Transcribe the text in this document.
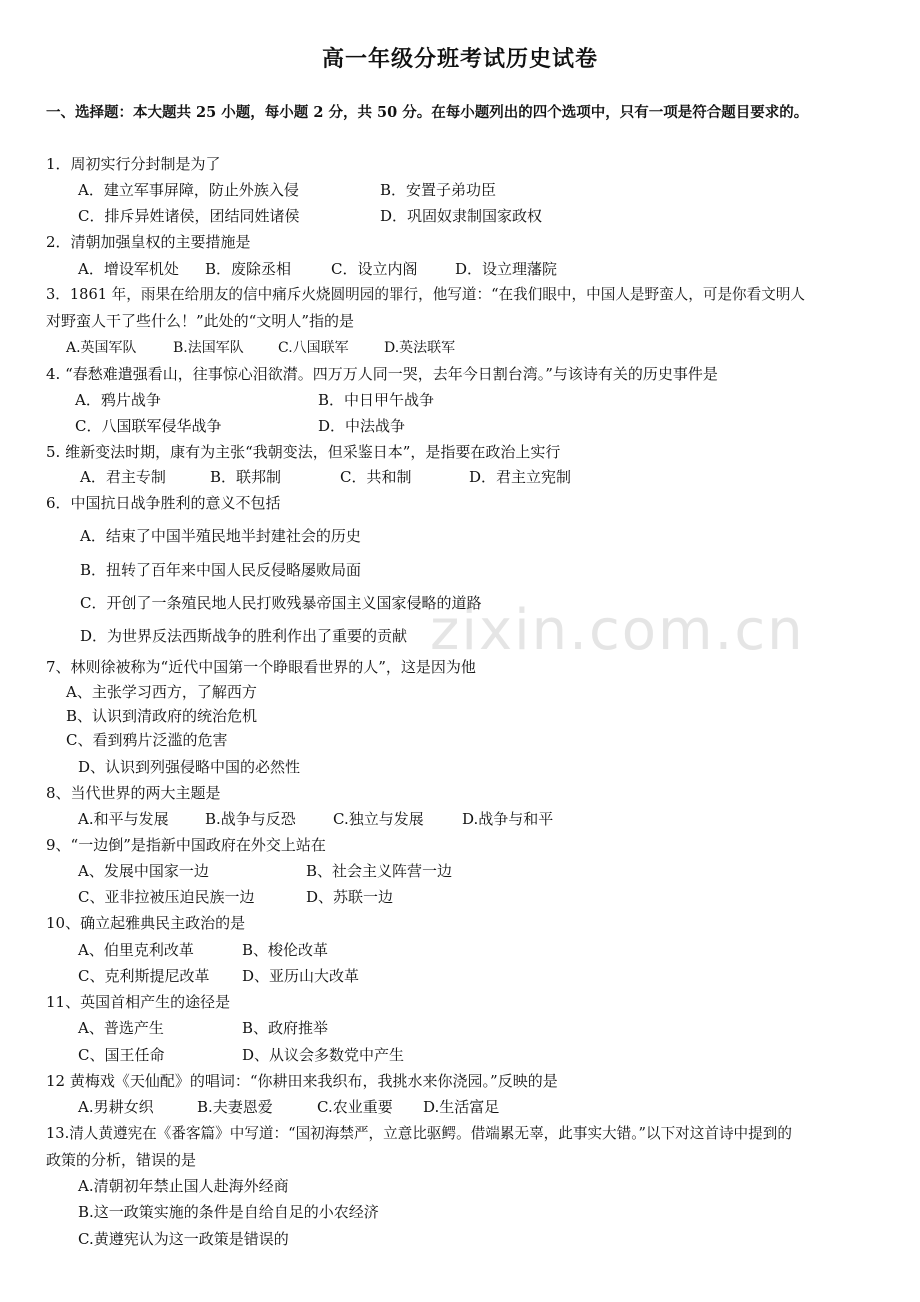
高一年级分班考试历史试卷
一、选择题：本大题共 25 小题，每小题 2 分，共 50 分。在每小题列出的四个选项中，只有一项是符合题目要求的。
1．周初实行分封制是为了
A．建立军事屏障，防止外族入侵	B．安置子弟功臣
C．排斥异姓诸侯，团结同姓诸侯	D．巩固奴隶制国家政权
2．清朝加强皇权的主要措施是
A．增设军机处 B．废除丞相	C．设立内阁	D．设立理藩院
3．1861 年，雨果在给朋友的信中痛斥火烧圆明园的罪行，他写道：“在我们眼中，中国人是野蛮人，可是你看文明人
对野蛮人干了些什么！”此处的“文明人”指的是
A.英国军队	B.法国军队 C.八国联军	D.英法联军
4. “春愁难遣强看山，往事惊心泪欲潸。四万万人同一哭，去年今日割台湾。”与该诗有关的历史事件是
A．鸦片战争	B．中日甲午战争
C．八国联军侵华战争	D．中法战争
5. 维新变法时期，康有为主张“我朝变法，但采鉴日本”，是指要在政治上实行
A．君主专制	B．联邦制	C．共和制	D．君主立宪制
6．中国抗日战争胜利的意义不包括
A．结束了中国半殖民地半封建社会的历史
B．扭转了百年来中国人民反侵略屡败局面
C．开创了一条殖民地人民打败残暴帝国主义国家侵略的道路
D．为世界反法西斯战争的胜利作出了重要的贡献
7、林则徐被称为“近代中国第一个睁眼看世界的人”，这是因为他
A、主张学习西方，了解西方
B、认识到清政府的统治危机
C、看到鸦片泛滥的危害
D、认识到列强侵略中国的必然性
8、当代世界的两大主题是
A.和平与发展 B.战争与反恐 C.独立与发展	D.战争与和平
9、“一边倒”是指新中国政府在外交上站在
A、发展中国家一边	B、社会主义阵营一边
C、亚非拉被压迫民族一边	D、苏联一边
10、确立起雅典民主政治的是
A、伯里克利改革	B、梭伦改革
C、克利斯提尼改革 D、亚历山大改革
11、英国首相产生的途径是
A、普选产生	B、政府推举
C、国王任命	D、从议会多数党中产生
12 黄梅戏《天仙配》的唱词：“你耕田来我织布，我挑水来你浇园。”反映的是
A.男耕女织	B.夫妻恩爱	C.农业重要 D.生活富足
13.清人黄遵宪在《番客篇》中写道：“国初海禁严，立意比驱鳄。借端累无辜，此事实大错。”以下对这首诗中提到的
政策的分析，错误的是
A.清朝初年禁止国人赴海外经商
B.这一政策实施的条件是自给自足的小农经济
C.黄遵宪认为这一政策是错误的
zixin.com.cn
